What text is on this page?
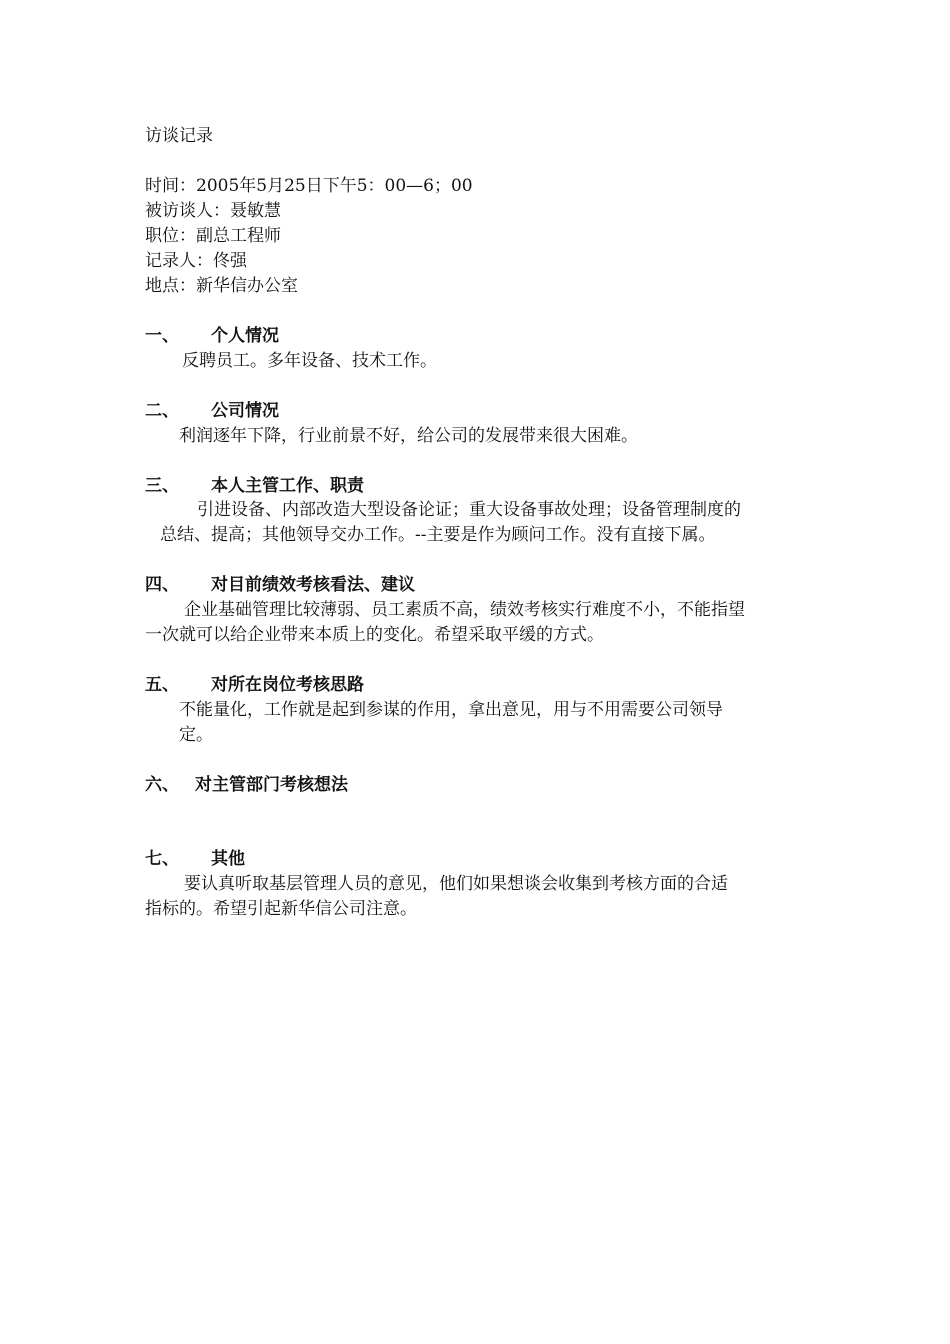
访谈记录
时间：2005年5月25日下午5：00—6；00
被访谈人：聂敏慧
职位：副总工程师
记录人：佟强
地点：新华信办公室
一、 个人情况
反聘员工。多年设备、技术工作。
二、 公司情况
利润逐年下降，行业前景不好，给公司的发展带来很大困难。
三、 本人主管工作、职责
引进设备、内部改造大型设备论证；重大设备事故处理；设备管理制度的
总结、提高；其他领导交办工作。--主要是作为顾问工作。没有直接下属。
四、 对目前绩效考核看法、建议
企业基础管理比较薄弱、员工素质不高，绩效考核实行难度不小，不能指望
一次就可以给企业带来本质上的变化。希望采取平缓的方式。
五、 对所在岗位考核思路
不能量化，工作就是起到参谋的作用，拿出意见，用与不用需要公司领导
定。
六、 对主管部门考核想法
七、 其他
要认真听取基层管理人员的意见，他们如果想谈会收集到考核方面的合适
指标的。希望引起新华信公司注意。
